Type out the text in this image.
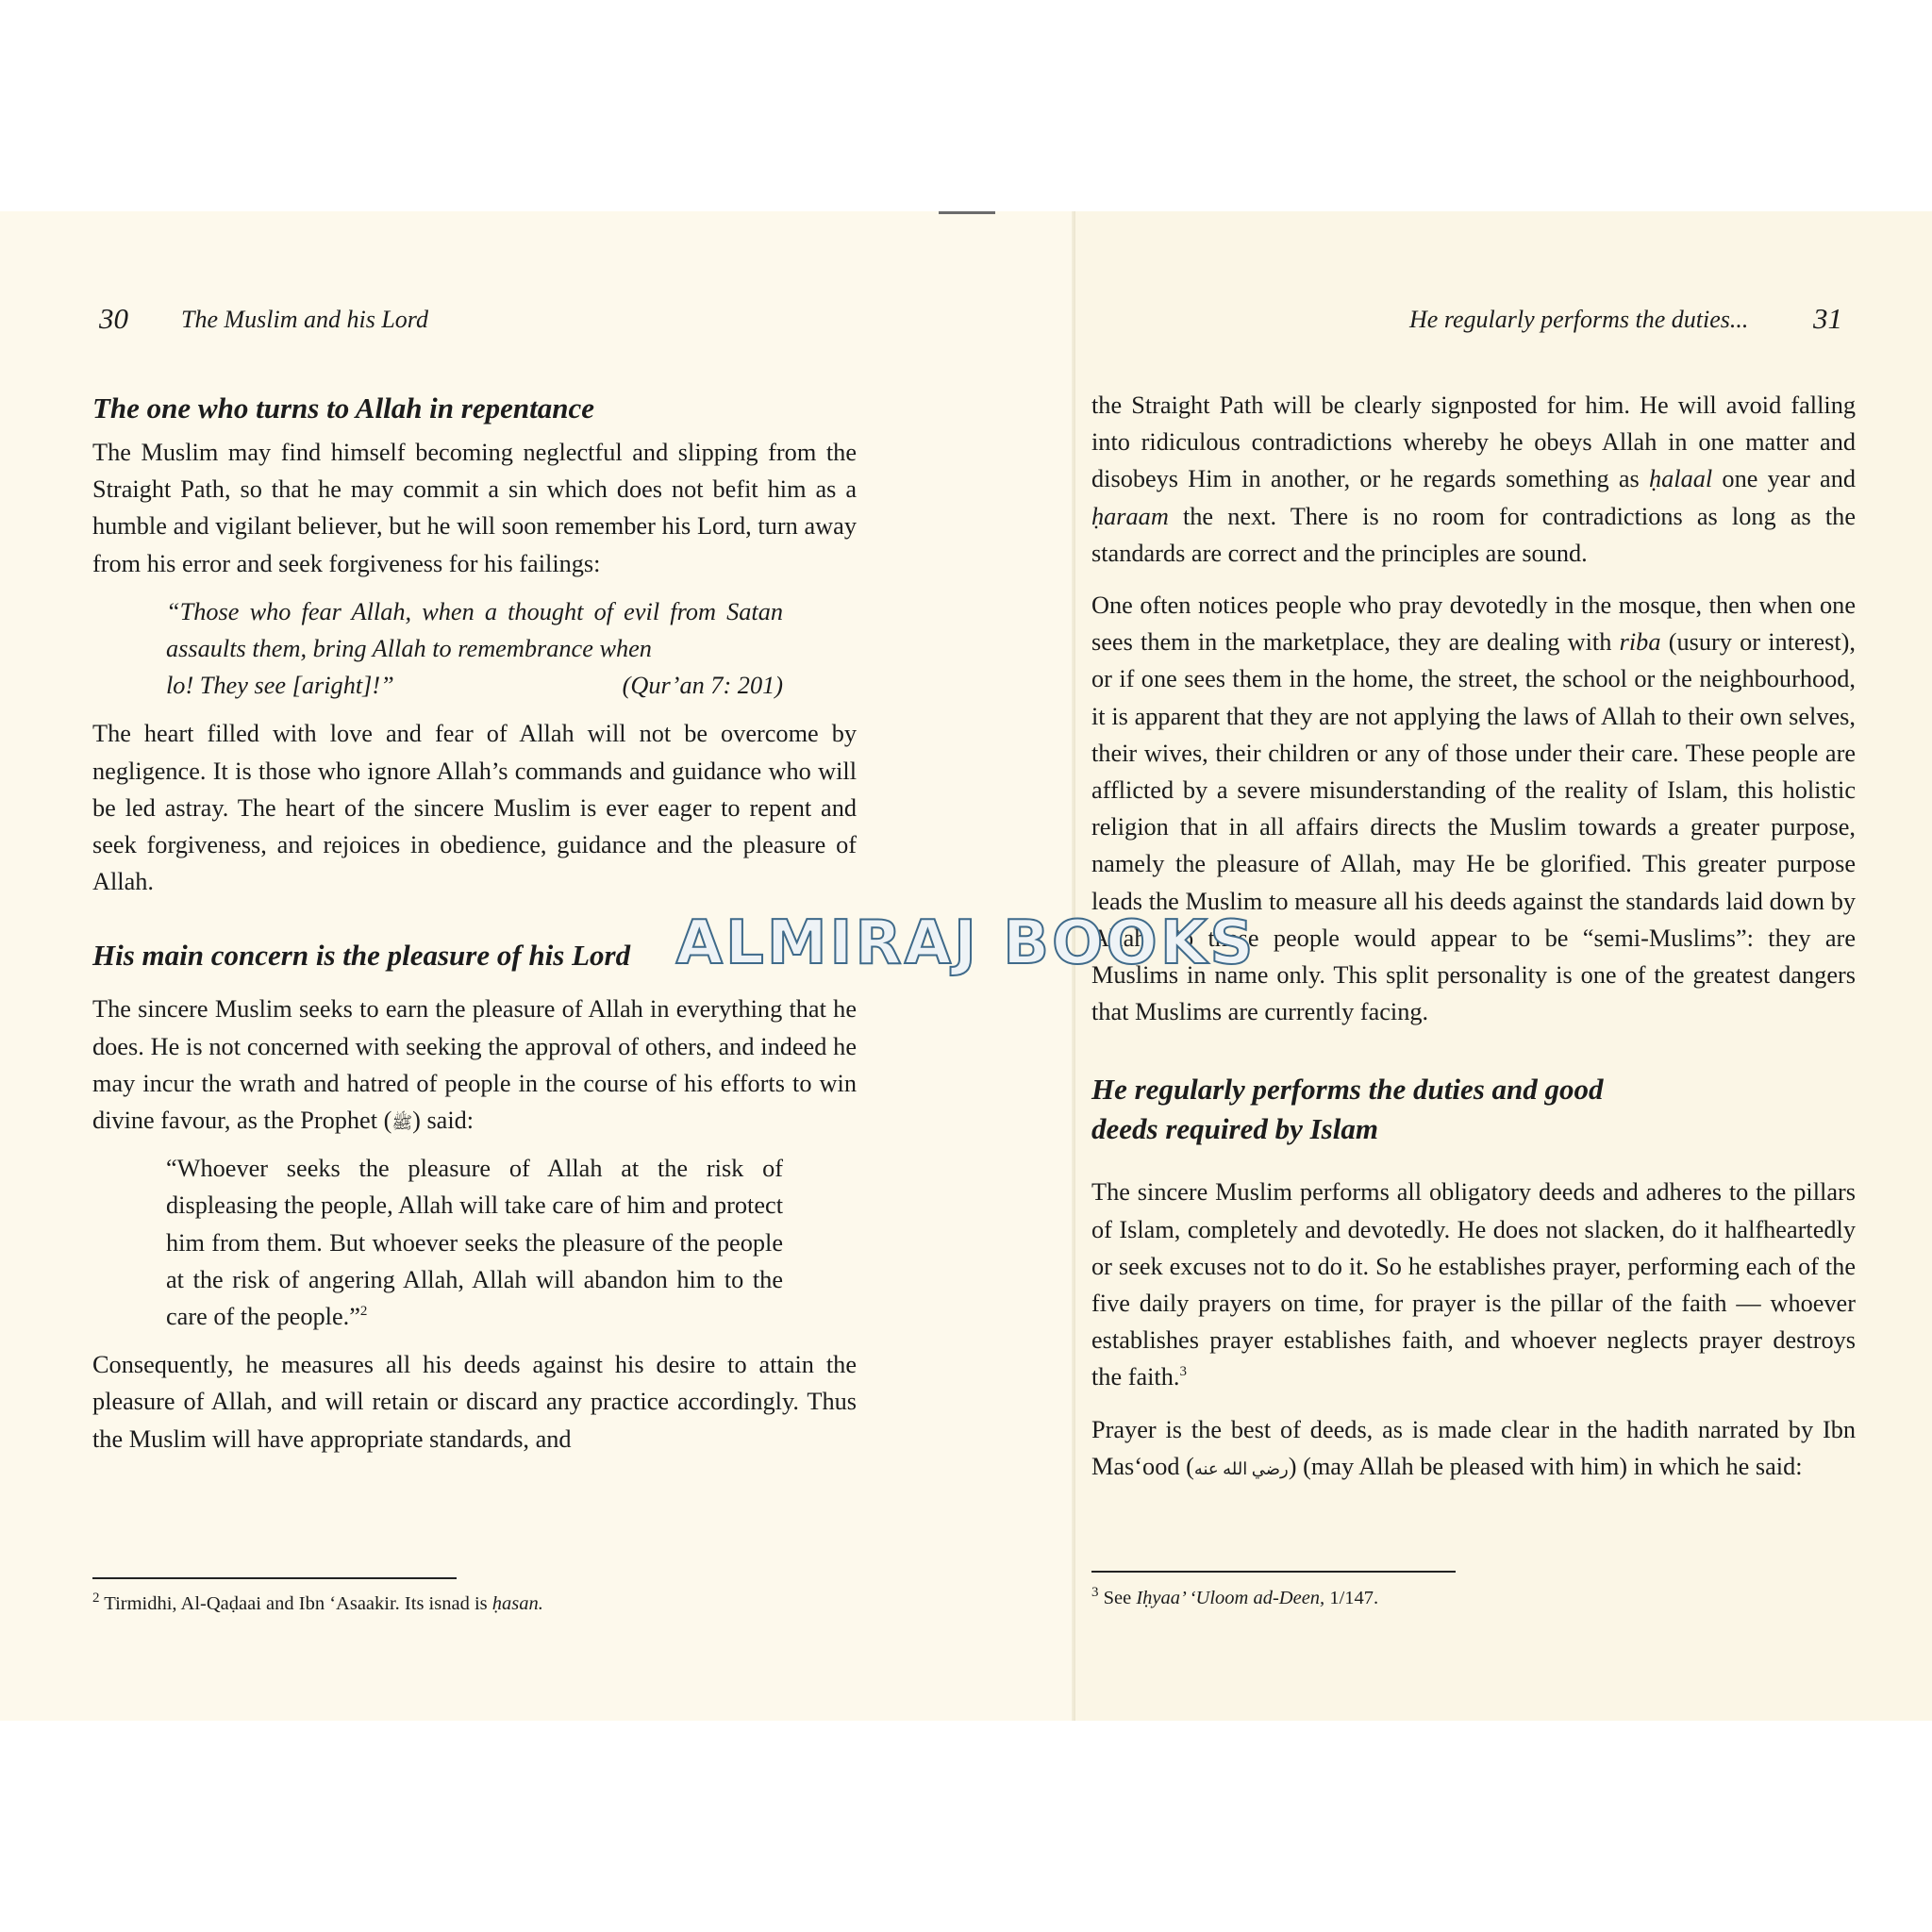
30 The Muslim and his Lord
The one who turns to Allah in repentance

The Muslim may find himself becoming neglectful and slipping from the Straight Path, so that he may commit a sin which does not befit him as a humble and vigilant believer, but he will soon remember his Lord, turn away from his error and seek forgiveness for his failings:

“Those who fear Allah, when a thought of evil from Satan assaults them, bring Allah to remembrance when
lo! They see [aright]!”	(Qur’an 7: 201)

The heart filled with love and fear of Allah will not be overcome by negligence. It is those who ignore Allah’s commands and guidance who will be led astray. The heart of the sincere Muslim is ever eager to repent and seek forgiveness, and rejoices in obedience, guidance and the pleasure of Allah.

His main concern is the pleasure of his Lord

The sincere Muslim seeks to earn the pleasure of Allah in everything that he does. He is not concerned with seeking the approval of others, and indeed he may incur the wrath and hatred of people in the course of his efforts to win divine favour, as the Prophet (ﷺ) said:

“Whoever seeks the pleasure of Allah at the risk of displeasing the people, Allah will take care of him and protect him from them. But whoever seeks the pleasure of the people at the risk of angering Allah, Allah will abandon him to the care of the people.”$^2$

Consequently, he measures all his deeds against his desire to attain the pleasure of Allah, and will retain or discard any practice accordingly. Thus the Muslim will have appropriate standards, and

$^2$ Tirmidhi, Al-Qaḍaai and Ibn ‘Asaakir. Its isnad is ḥasan.
He regularly performs the duties... 31

the Straight Path will be clearly signposted for him. He will avoid falling into ridiculous contradictions whereby he obeys Allah in one matter and disobeys Him in another, or he regards something as ḥalaal one year and ḥaraam the next. There is no room for contradictions as long as the standards are correct and the principles are sound.

One often notices people who pray devotedly in the mosque, then when one sees them in the marketplace, they are dealing with riba (usury or interest), or if one sees them in the home, the street, the school or the neighbourhood, it is apparent that they are not applying the laws of Allah to their own selves, their wives, their children or any of those under their care. These people are afflicted by a severe misunderstanding of the reality of Islam, this holistic religion that in all affairs directs the Muslim towards a greater purpose, namely the pleasure of Allah, may He be glorified. This greater purpose leads the Muslim to measure all his deeds against the standards laid down by Allah. So these people would appear to be “semi-Muslims”: they are Muslims in name only. This split personality is one of the greatest dangers that Muslims are currently facing.

He regularly performs the duties and good deeds required by Islam

The sincere Muslim performs all obligatory deeds and adheres to the pillars of Islam, completely and devotedly. He does not slacken, do it halfheartedly or seek excuses not to do it. So he establishes prayer, performing each of the five daily prayers on time, for prayer is the pillar of the faith — whoever establishes prayer establishes faith, and whoever neglects prayer destroys the faith.$^3$

Prayer is the best of deeds, as is made clear in the hadith narrated by Ibn Mas‘ood (رضي الله عنه) (may Allah be pleased with him) in which he said:

$^3$ See Iḥyaa’ ‘Uloom ad-Deen, 1/147.
ALMIRAJ BOOKS
